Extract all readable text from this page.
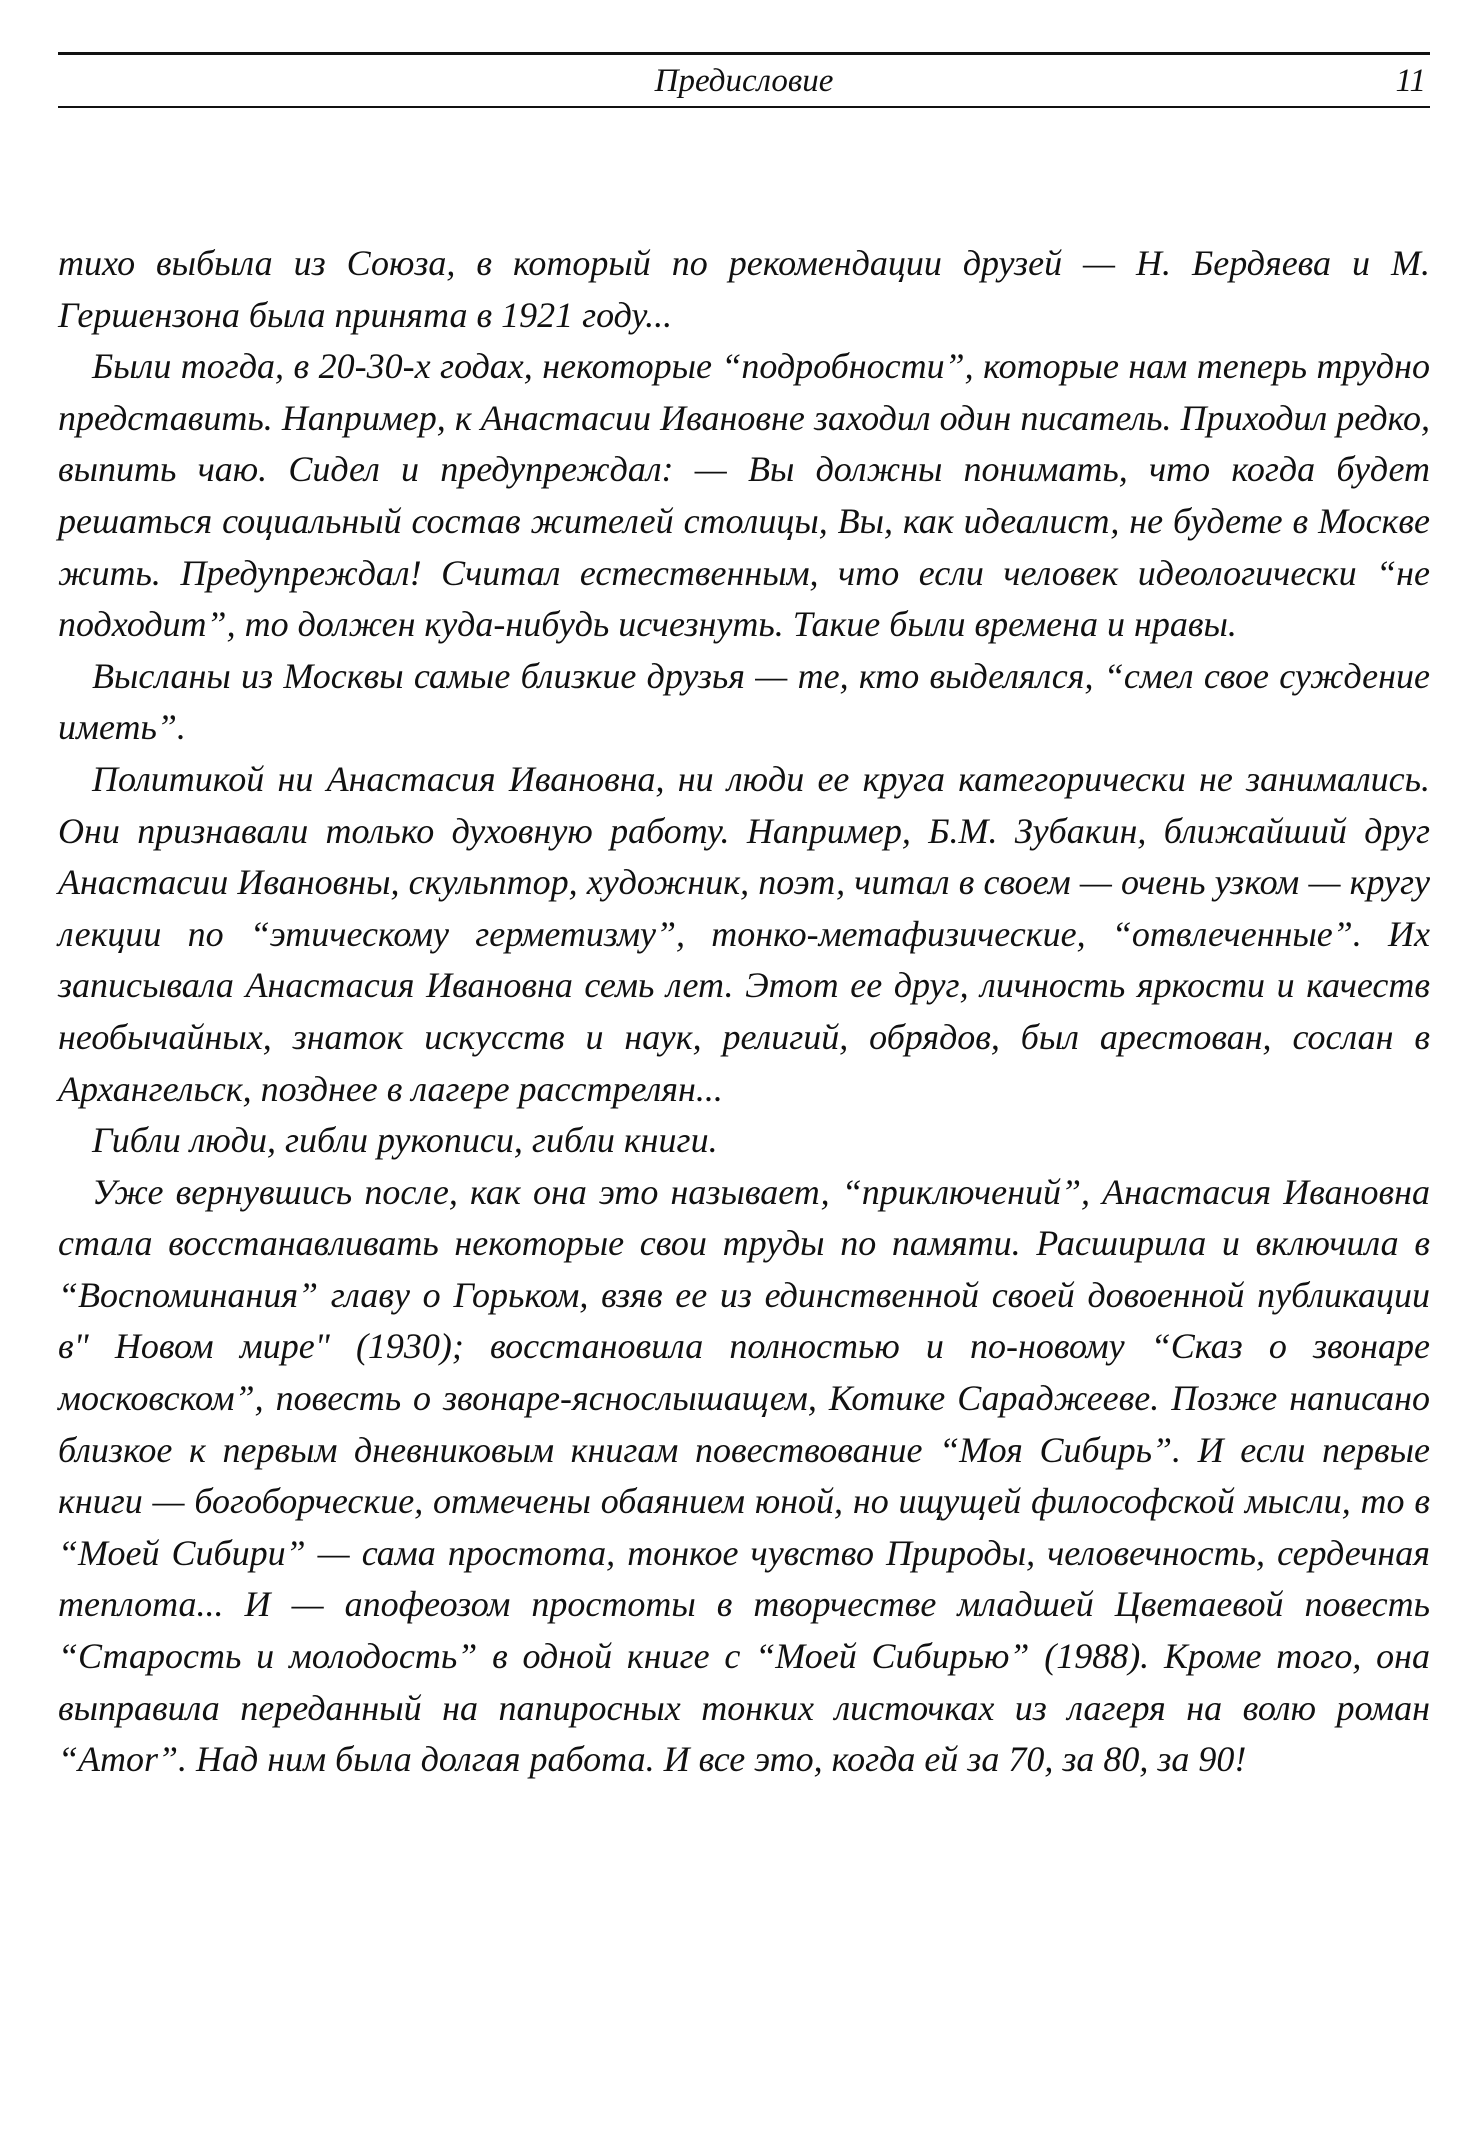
Предисловие	11

тихо выбыла из Союза, в который по рекомендации друзей — Н. Бердяева и М. Гершензона была принята в 1921 году...

Были тогда, в 20-30-х годах, некоторые “подробности”, которые нам теперь трудно представить. Например, к Анастасии Ивановне заходил один писатель. Приходил редко, выпить чаю. Сидел и предупреждал: — Вы должны понимать, что когда будет решаться социальный состав жителей столицы, Вы, как идеалист, не будете в Москве жить. Предупреждал! Считал естественным, что если человек идеологически “не подходит”, то должен куда-нибудь исчезнуть. Такие были времена и нравы.

Высланы из Москвы самые близкие друзья — те, кто выделялся, “смел свое суждение иметь”.

Политикой ни Анастасия Ивановна, ни люди ее круга категорически не занимались. Они признавали только духовную работу. Например, Б.М. Зубакин, ближайший друг Анастасии Ивановны, скульптор, художник, поэт, читал в своем — очень узком — кругу лекции по “этическому герметизму”, тонко-метафизические, “отвлеченные”. Их записывала Анастасия Ивановна семь лет. Этот ее друг, личность яркости и качеств необычайных, знаток искусств и наук, религий, обрядов, был арестован, сослан в Архангельск, позднее в лагере расстрелян...

Гибли люди, гибли рукописи, гибли книги.

Уже вернувшись после, как она это называет, “приключений”, Анастасия Ивановна стала восстанавливать некоторые свои труды по памяти. Расширила и включила в “Воспоминания” главу о Горьком, взяв ее из единственной своей довоенной публикации в" Новом мире" (1930); восстановила полностью и по-новому “Сказ о звонаре московском”, повесть о звонаре-яснослышащем, Котике Сараджееве. Позже написано близкое к первым дневниковым книгам повествование “Моя Сибирь”. И если первые книги — богоборческие, отмечены обаянием юной, но ищущей философской мысли, то в “Моей Сибири” — сама простота, тонкое чувство Природы, человечность, сердечная теплота... И — апофеозом простоты в творчестве младшей Цветаевой повесть “Старость и молодость” в одной книге с “Моей Сибирью” (1988). Кроме того, она выправила переданный на папиросных тонких листочках из лагеря на волю роман “Amor”. Над ним была долгая работа. И все это, когда ей за 70, за 80, за 90!
